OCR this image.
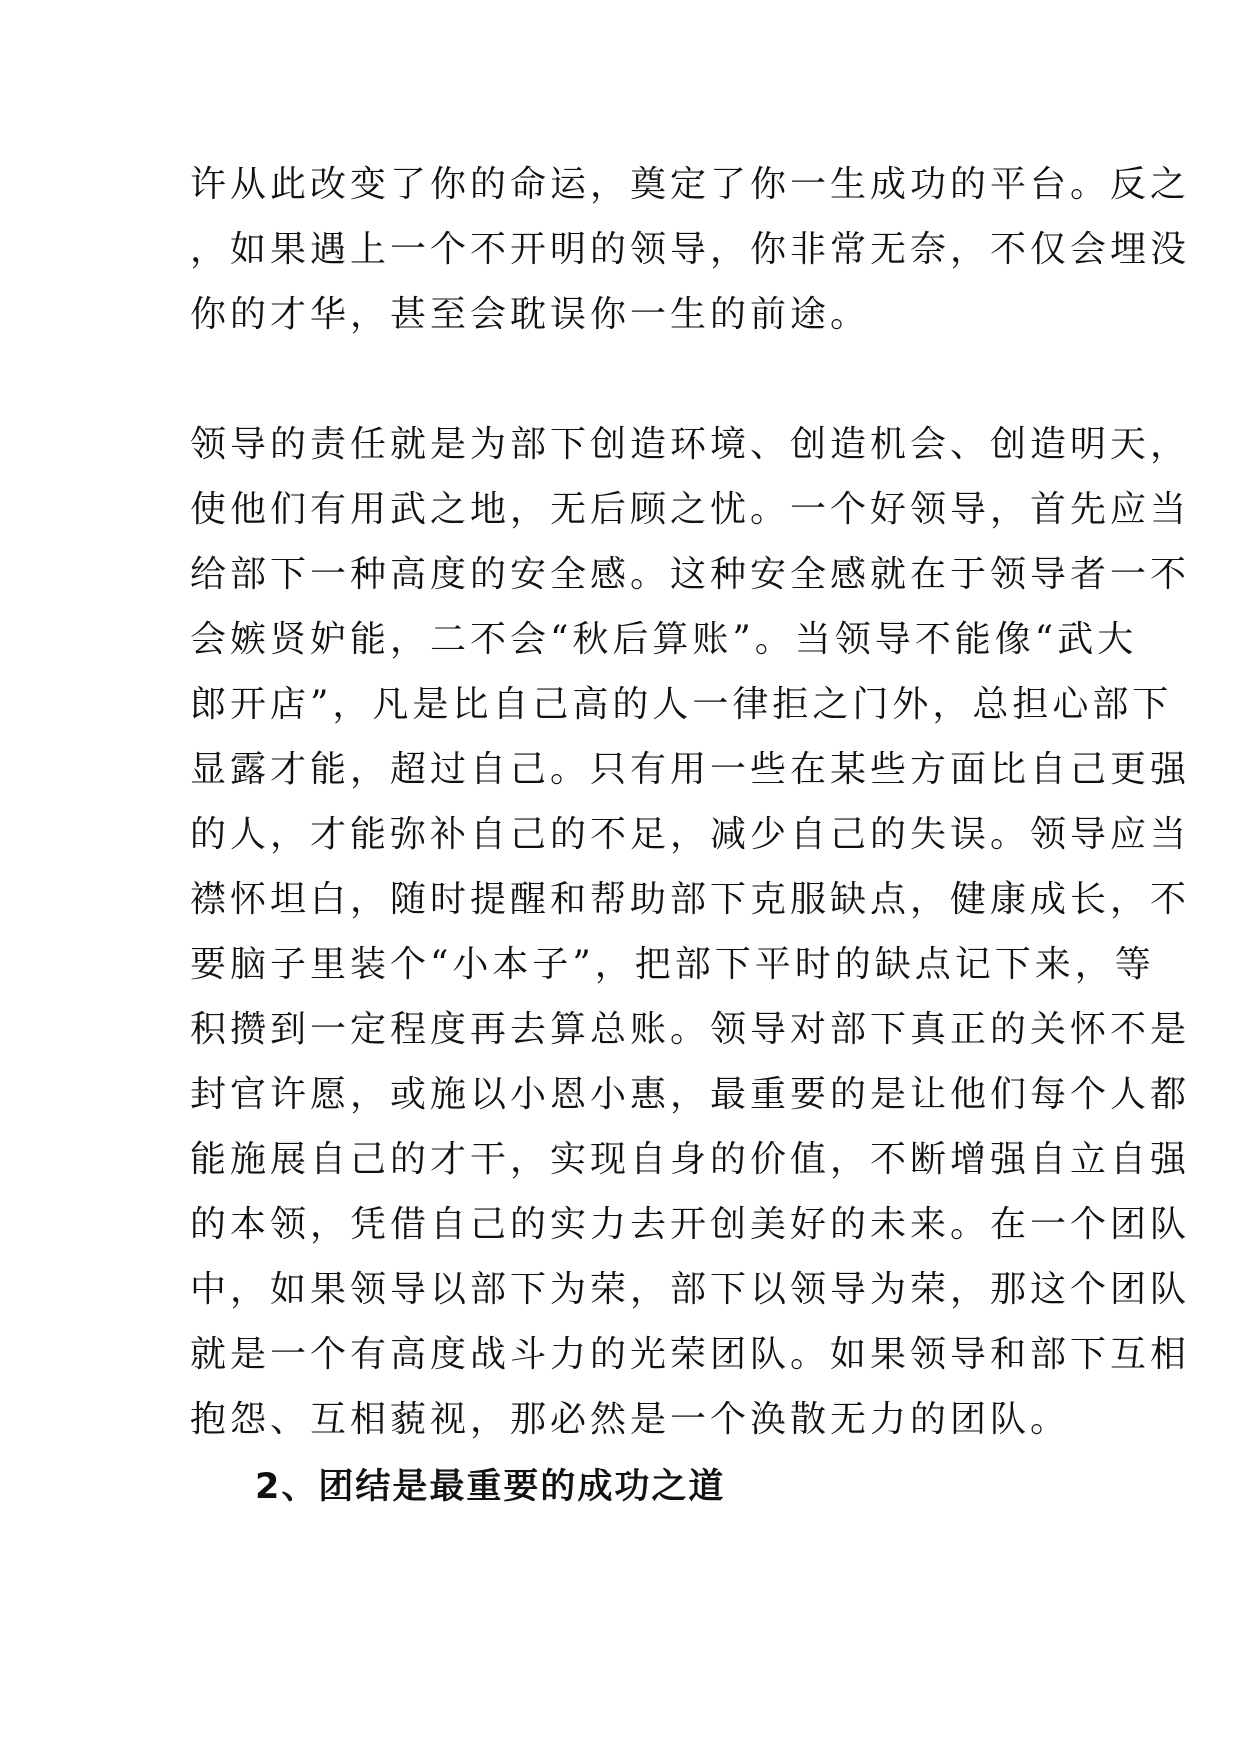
许从此改变了你的命运，奠定了你一生成功的平台。反之
，如果遇上一个不开明的领导，你非常无奈，不仅会埋没
你的才华，甚至会耽误你一生的前途。
领导的责任就是为部下创造环境、创造机会、创造明天，
使他们有用武之地，无后顾之忧。一个好领导，首先应当
给部下一种高度的安全感。这种安全感就在于领导者一不
会嫉贤妒能，二不会“秋后算账”。当领导不能像“武大
郎开店”，凡是比自己高的人一律拒之门外，总担心部下
显露才能，超过自己。只有用一些在某些方面比自己更强
的人，才能弥补自己的不足，减少自己的失误。领导应当
襟怀坦白，随时提醒和帮助部下克服缺点，健康成长，不
要脑子里装个“小本子”，把部下平时的缺点记下来，等
积攒到一定程度再去算总账。领导对部下真正的关怀不是
封官许愿，或施以小恩小惠，最重要的是让他们每个人都
能施展自己的才干，实现自身的价值，不断增强自立自强
的本领，凭借自己的实力去开创美好的未来。在一个团队
中，如果领导以部下为荣，部下以领导为荣，那这个团队
就是一个有高度战斗力的光荣团队。如果领导和部下互相
抱怨、互相藐视，那必然是一个涣散无力的团队。
2、团结是最重要的成功之道
